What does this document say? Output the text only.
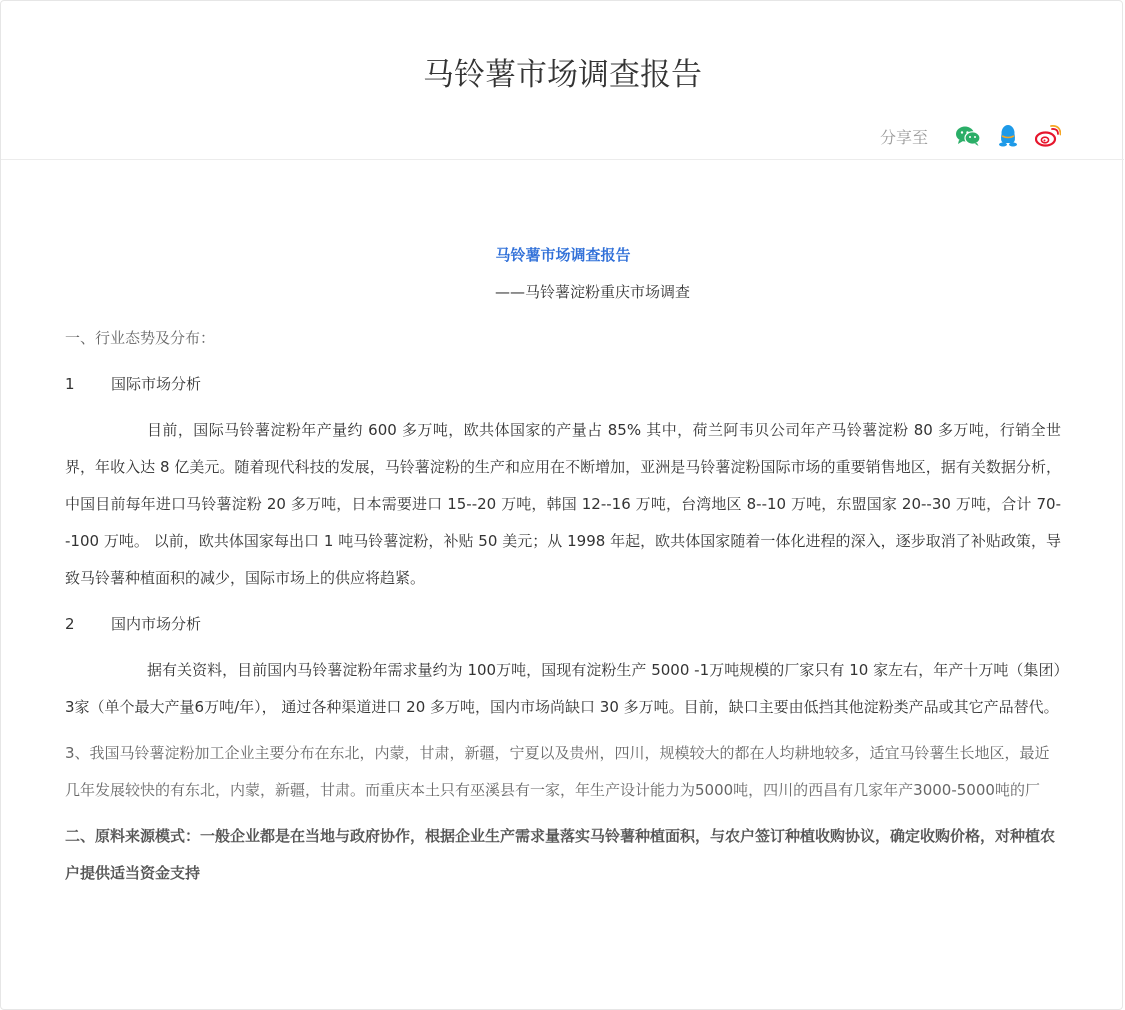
马铃薯市场调查报告
分享至

马铃薯市场调查报告

——马铃薯淀粉重庆市场调查

一、行业态势及分布：

1 国际市场分析

目前，国际马铃薯淀粉年产量约 600 多万吨，欧共体国家的产量占 85% 其中，荷兰阿韦贝公司年产马铃薯淀粉 80 多万吨，行销全世界，年收入达 8 亿美元。随着现代科技的发展，马铃薯淀粉的生产和应用在不断增加，亚洲是马铃薯淀粉国际市场的重要销售地区，据有关数据分析，中国目前每年进口马铃薯淀粉 20 多万吨，日本需要进口 15--20 万吨，韩国 12--16 万吨，台湾地区 8--10 万吨，东盟国家 20--30 万吨，合计 70--100 万吨。 以前，欧共体国家每出口 1 吨马铃薯淀粉，补贴 50 美元；从 1998 年起，欧共体国家随着一体化进程的深入，逐步取消了补贴政策，导致马铃薯种植面积的减少，国际市场上的供应将趋紧。

2 国内市场分析

据有关资料，目前国内马铃薯淀粉年需求量约为 100万吨，国现有淀粉生产 5000 -1万吨规模的厂家只有 10 家左右，年产十万吨（集团）3家（单个最大产量6万吨/年）， 通过各种渠道进口 20 多万吨，国内市场尚缺口 30 多万吨。目前，缺口主要由低挡其他淀粉类产品或其它产品替代。

3、我国马铃薯淀粉加工企业主要分布在东北，内蒙，甘肃，新疆，宁夏以及贵州，四川，规模较大的都在人均耕地较多，适宜马铃薯生长地区，最近几年发展较快的有东北，内蒙，新疆，甘肃。而重庆本土只有巫溪县有一家，年生产设计能力为5000吨，四川的西昌有几家年产3000-5000吨的厂

二、原料来源模式：一般企业都是在当地与政府协作，根据企业生产需求量落实马铃薯种植面积，与农户签订种植收购协议，确定收购价格，对种植农户提供适当资金支持
